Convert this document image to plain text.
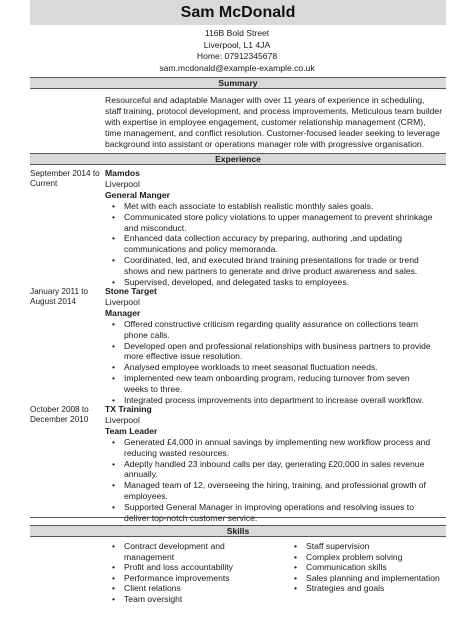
Sam McDonald
116B Bold Street
Liverpool, L1 4JA
Home: 07912345678
sam.mcdonald@example-example.co.uk
Summary
Resourceful and adaptable Manager with over 11 years of experience in scheduling,
staff training, protocol development, and process improvements. Meticulous team builder
with expertise in employee engagement, customer relationship management (CRM),
time management, and conflict resolution. Customer-focused leader seeking to leverage
background into assistant or operations manager role with progressive organisation.
Experience
September 2014 to
Current
Mamdos
Liverpool
General Manger
• Met with each associate to establish realistic monthly sales goals.
• Communicated store policy violations to upper management to prevent shrinkage
and misconduct.
• Enhanced data collection accuracy by preparing, authoring ,and updating
communications and policy memoranda.
• Coordinated, led, and executed brand training presentations for trade or trend
shows and new partners to generate and drive product awareness and sales.
• Supervised, developed, and delegated tasks to employees.
January 2011 to
August 2014
Stone Target
Liverpool
Manager
• Offered constructive criticism regarding quality assurance on collections team
phone calls.
• Developed open and professional relationships with business partners to provide
more effective issue resolution.
• Analysed employee workloads to meet seasonal fluctuation needs.
• Implemented new team onboarding program, reducing turnover from seven
weeks to three.
• Integrated process improvements into department to increase overall workflow.
October 2008 to
December 2010
TX Training
Liverpool
Team Leader
• Generated £4,000 in annual savings by implementing new workflow process and
reducing wasted resources.
• Adeptly handled 23 inbound calls per day, generating £20,000 in sales revenue
annually.
• Managed team of 12, overseeing the hiring, training, and professional growth of
employees.
• Supported General Manager in improving operations and resolving issues to
deliver top-notch customer service.
Skills
• Contract development and
management
• Profit and loss accountability
• Performance improvements
• Client relations
• Team oversight
• Staff supervision
• Complex problem solving
• Communication skills
• Sales planning and implementation
• Strategies and goals
